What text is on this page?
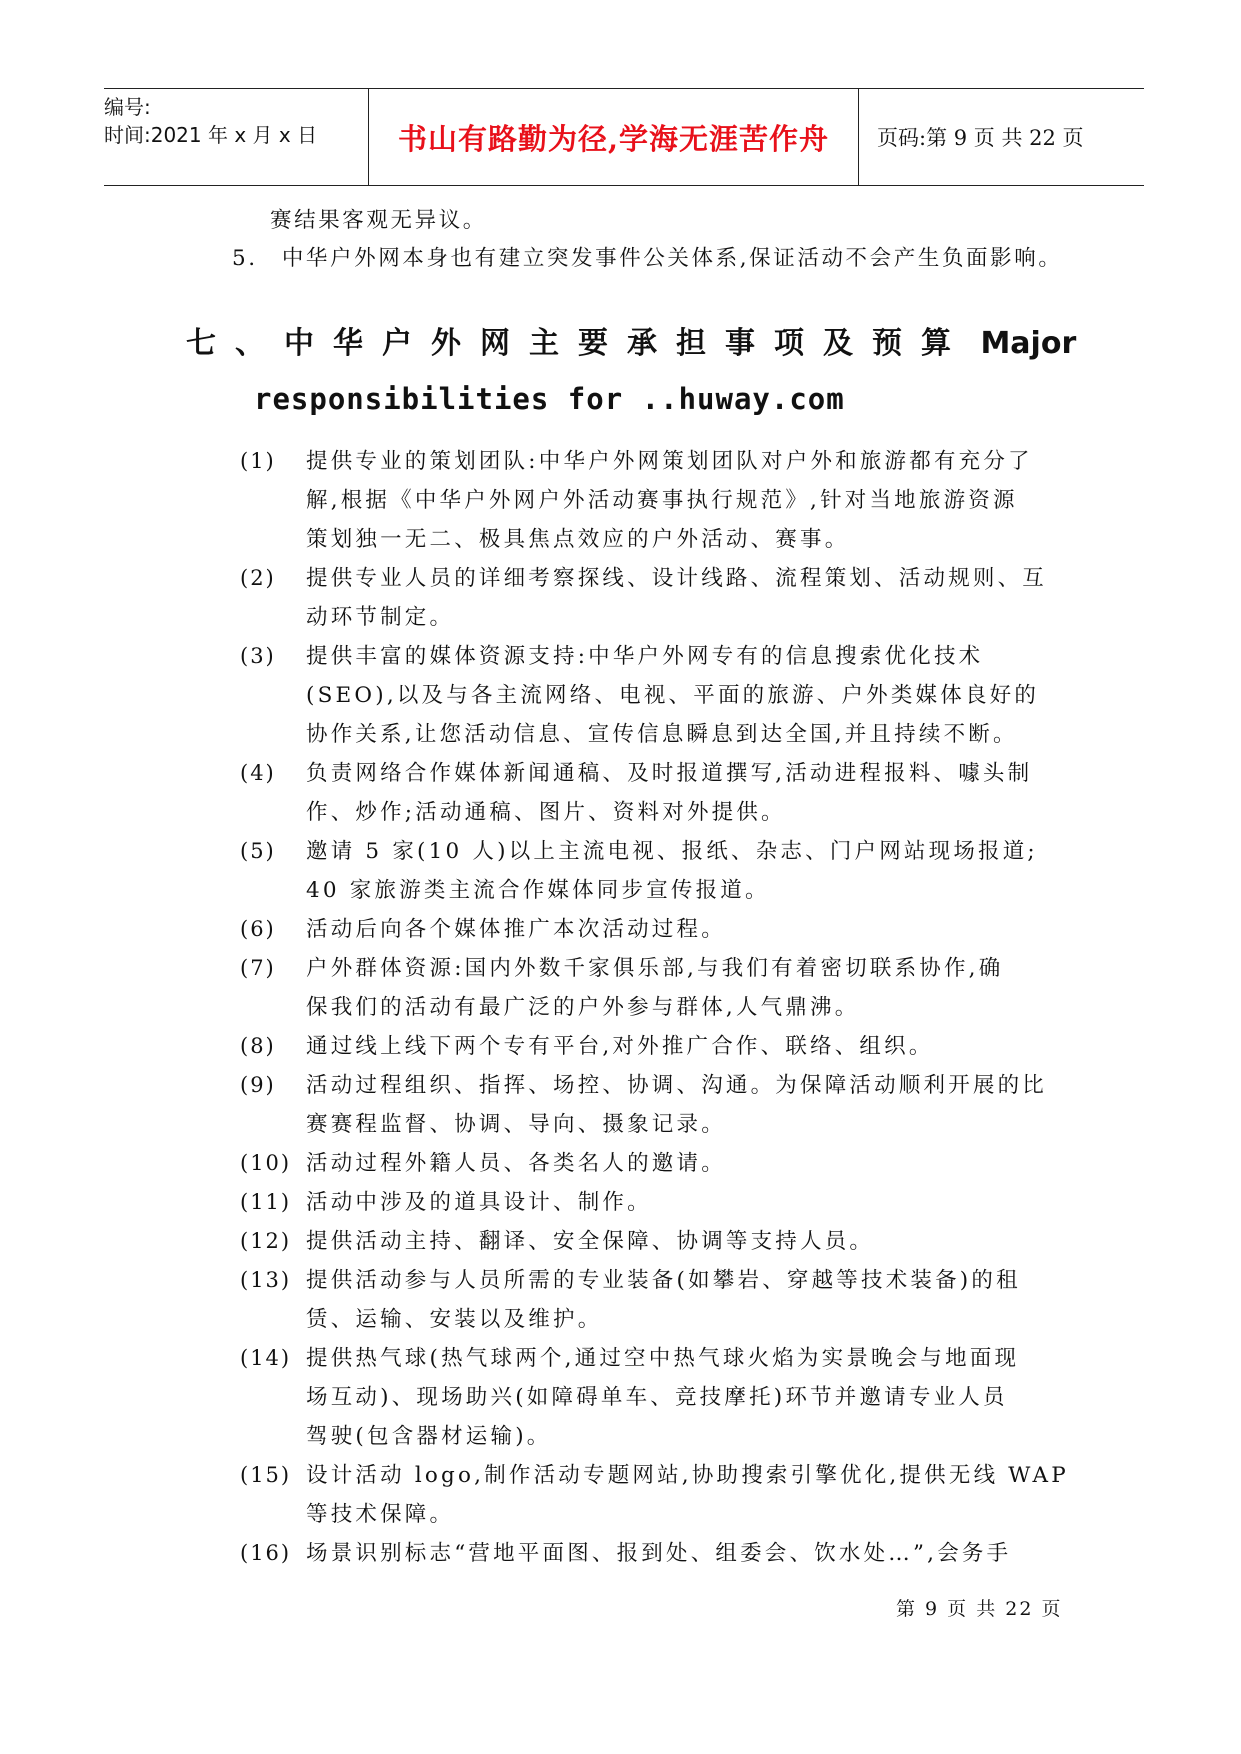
编号:
时间:2021 年 x 月 x 日	书山有路勤为径,学海无涯苦作舟	页码:第 9 页 共 22 页
赛结果客观无异议。
5.　中华户外网本身也有建立突发事件公关体系,保证活动不会产生负面影响。
七、中华户外网主要承担事项及预算 Major
responsibilities for ..huway.com
(1) 提供专业的策划团队:中华户外网策划团队对户外和旅游都有充分了
解,根据《中华户外网户外活动赛事执行规范》,针对当地旅游资源
策划独一无二、极具焦点效应的户外活动、赛事。
(2) 提供专业人员的详细考察探线、设计线路、流程策划、活动规则、互
动环节制定。
(3) 提供丰富的媒体资源支持:中华户外网专有的信息搜索优化技术
(SEO),以及与各主流网络、电视、平面的旅游、户外类媒体良好的
协作关系,让您活动信息、宣传信息瞬息到达全国,并且持续不断。
(4) 负责网络合作媒体新闻通稿、及时报道撰写,活动进程报料、噱头制
作、炒作;活动通稿、图片、资料对外提供。
(5) 邀请 5 家(10 人)以上主流电视、报纸、杂志、门户网站现场报道;
40 家旅游类主流合作媒体同步宣传报道。
(6) 活动后向各个媒体推广本次活动过程。
(7) 户外群体资源:国内外数千家俱乐部,与我们有着密切联系协作,确
保我们的活动有最广泛的户外参与群体,人气鼎沸。
(8) 通过线上线下两个专有平台,对外推广合作、联络、组织。
(9) 活动过程组织、指挥、场控、协调、沟通。为保障活动顺利开展的比
赛赛程监督、协调、导向、摄象记录。
(10) 活动过程外籍人员、各类名人的邀请。
(11) 活动中涉及的道具设计、制作。
(12) 提供活动主持、翻译、安全保障、协调等支持人员。
(13) 提供活动参与人员所需的专业装备(如攀岩、穿越等技术装备)的租
赁、运输、安装以及维护。
(14) 提供热气球(热气球两个,通过空中热气球火焰为实景晚会与地面现
场互动)、现场助兴(如障碍单车、竞技摩托)环节并邀请专业人员
驾驶(包含器材运输)。
(15) 设计活动 logo,制作活动专题网站,协助搜索引擎优化,提供无线 WAP
等技术保障。
(16) 场景识别标志“营地平面图、报到处、组委会、饮水处…”,会务手
第 9 页 共 22 页
